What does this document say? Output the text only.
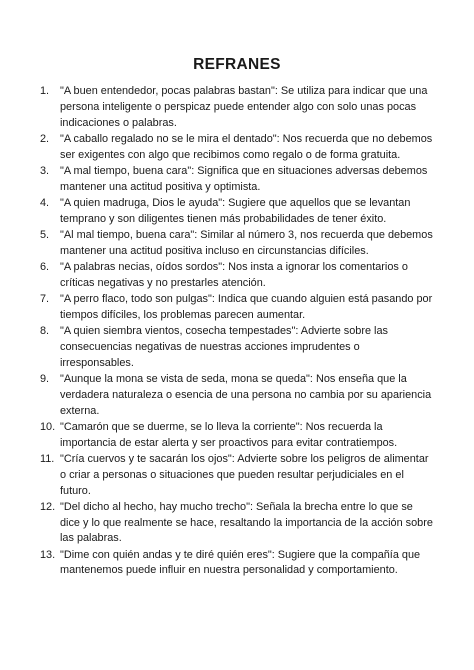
REFRANES
1.	"A buen entendedor, pocas palabras bastan": Se utiliza para indicar que una persona inteligente o perspicaz puede entender algo con solo unas pocas indicaciones o palabras.
2.	"A caballo regalado no se le mira el dentado": Nos recuerda que no debemos ser exigentes con algo que recibimos como regalo o de forma gratuita.
3.	"A mal tiempo, buena cara": Significa que en situaciones adversas debemos mantener una actitud positiva y optimista.
4.	"A quien madruga, Dios le ayuda": Sugiere que aquellos que se levantan temprano y son diligentes tienen más probabilidades de tener éxito.
5.	"Al mal tiempo, buena cara": Similar al número 3, nos recuerda que debemos mantener una actitud positiva incluso en circunstancias difíciles.
6.	"A palabras necias, oídos sordos": Nos insta a ignorar los comentarios o críticas negativas y no prestarles atención.
7.	"A perro flaco, todo son pulgas": Indica que cuando alguien está pasando por tiempos difíciles, los problemas parecen aumentar.
8.	"A quien siembra vientos, cosecha tempestades": Advierte sobre las consecuencias negativas de nuestras acciones imprudentes o irresponsables.
9.	"Aunque la mona se vista de seda, mona se queda": Nos enseña que la verdadera naturaleza o esencia de una persona no cambia por su apariencia externa.
10. "Camarón que se duerme, se lo lleva la corriente": Nos recuerda la importancia de estar alerta y ser proactivos para evitar contratiempos.
11. "Cría cuervos y te sacarán los ojos": Advierte sobre los peligros de alimentar o criar a personas o situaciones que pueden resultar perjudiciales en el futuro.
12. "Del dicho al hecho, hay mucho trecho": Señala la brecha entre lo que se dice y lo que realmente se hace, resaltando la importancia de la acción sobre las palabras.
13. "Dime con quién andas y te diré quién eres": Sugiere que la compañía que mantenemos puede influir en nuestra personalidad y comportamiento.
